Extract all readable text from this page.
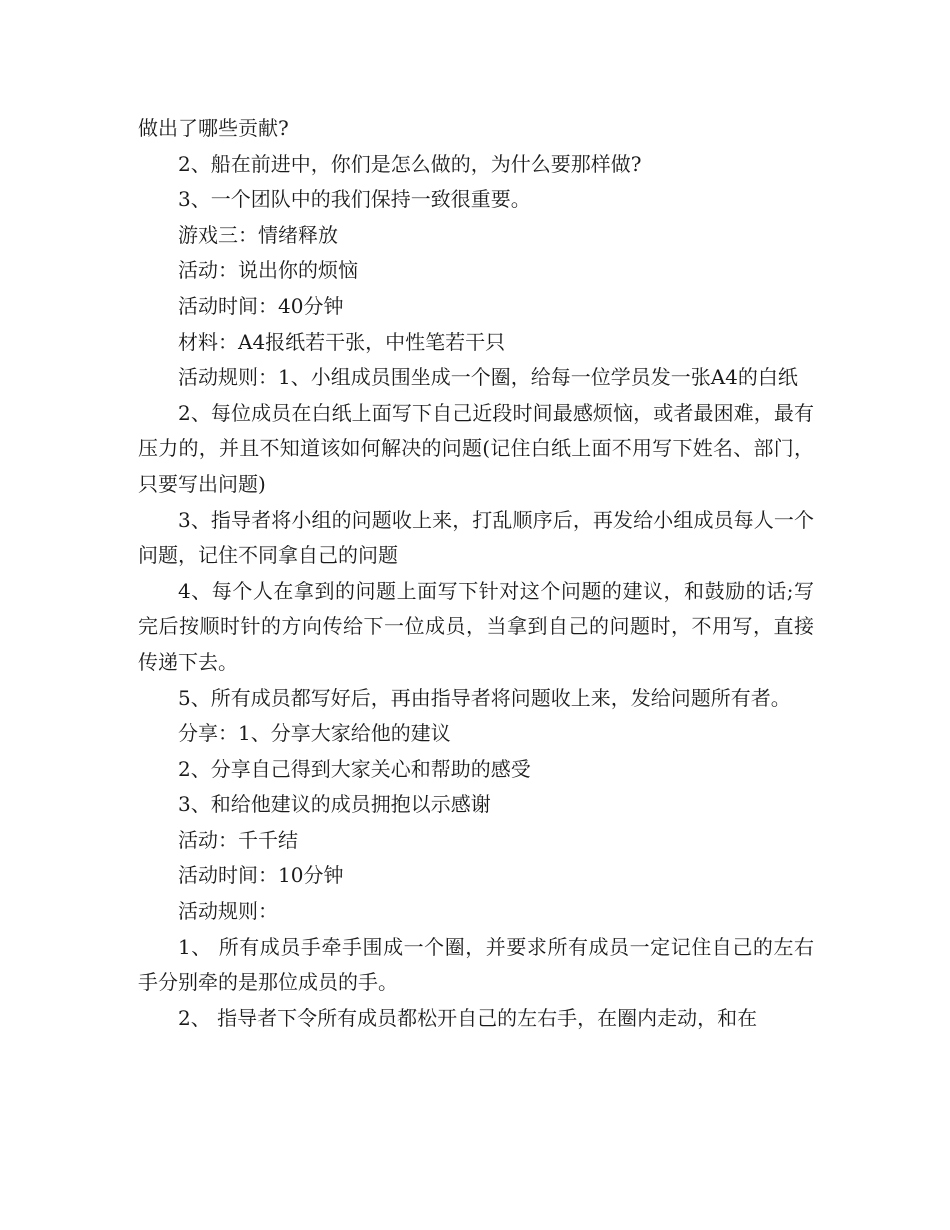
做出了哪些贡献?

2、船在前进中，你们是怎么做的，为什么要那样做?

3、一个团队中的我们保持一致很重要。

游戏三：情绪释放

活动：说出你的烦恼

活动时间：40分钟

材料：A4报纸若干张，中性笔若干只

活动规则：1、小组成员围坐成一个圈，给每一位学员发一张A4的白纸

2、每位成员在白纸上面写下自己近段时间最感烦恼，或者最困难，最有压力的，并且不知道该如何解决的问题(记住白纸上面不用写下姓名、部门，只要写出问题)

3、指导者将小组的问题收上来，打乱顺序后，再发给小组成员每人一个问题，记住不同拿自己的问题

4、每个人在拿到的问题上面写下针对这个问题的建议，和鼓励的话;写完后按顺时针的方向传给下一位成员，当拿到自己的问题时，不用写，直接传递下去。

5、所有成员都写好后，再由指导者将问题收上来，发给问题所有者。

分享：1、分享大家给他的建议

2、分享自己得到大家关心和帮助的感受

3、和给他建议的成员拥抱以示感谢

活动：千千结

活动时间：10分钟

活动规则：

1、 所有成员手牵手围成一个圈，并要求所有成员一定记住自己的左右手分别牵的是那位成员的手。

2、 指导者下令所有成员都松开自己的左右手，在圈内走动，和在
